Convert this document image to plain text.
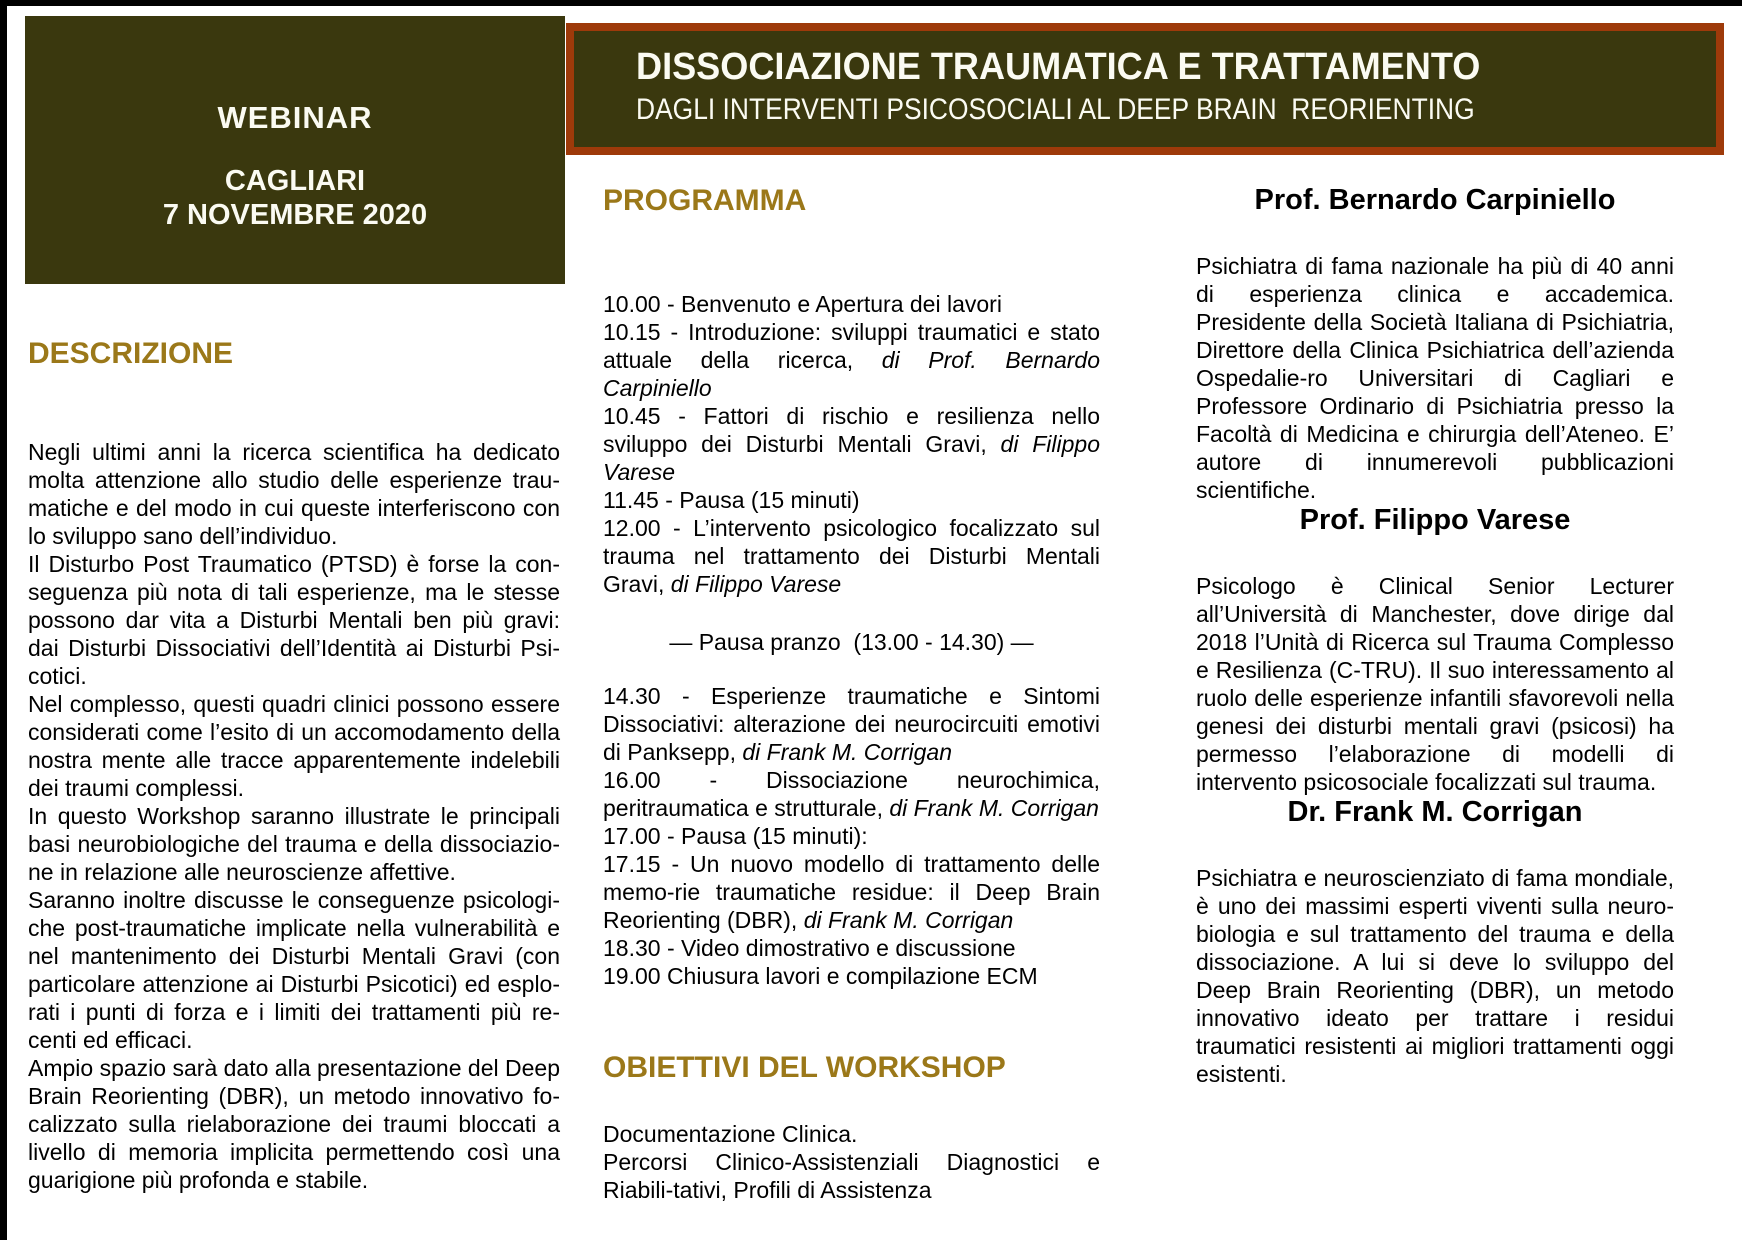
WEBINAR
CAGLIARI
7 NOVEMBRE 2020
DISSOCIAZIONE TRAUMATICA E TRATTAMENTO
DAGLI INTERVENTI PSICOSOCIALI AL DEEP BRAIN  REORIENTING
DESCRIZIONE

Negli ultimi anni la ricerca scientifica ha dedicato molta attenzione allo studio delle esperienze trau-matiche e del modo in cui queste interferiscono con lo sviluppo sano dell’individuo.

Il Disturbo Post Traumatico (PTSD) è forse la con-seguenza più nota di tali esperienze, ma le stesse possono dar vita a Disturbi Mentali ben più gravi: dai Disturbi Dissociativi dell’Identità ai Disturbi Psi-cotici.

Nel complesso, questi quadri clinici possono essere considerati come l’esito di un accomodamento della nostra mente alle tracce apparentemente indelebili dei traumi complessi.

In questo Workshop saranno illustrate le principali basi neurobiologiche del trauma e della dissociazio-ne in relazione alle neuroscienze affettive.

Saranno inoltre discusse le conseguenze psicologi-che post-traumatiche implicate nella vulnerabilità e nel mantenimento dei Disturbi Mentali Gravi (con particolare attenzione ai Disturbi Psicotici) ed esplo-rati i punti di forza e i limiti dei trattamenti più re-centi ed efficaci.

Ampio spazio sarà dato alla presentazione del Deep Brain Reorienting (DBR), un metodo innovativo fo-calizzato sulla rielaborazione dei traumi bloccati a livello di memoria implicita permettendo così una guarigione più profonda e stabile.

PROGRAMMA

10.00 - Benvenuto e Apertura dei lavori

10.15 - Introduzione: sviluppi traumatici e stato attuale della ricerca, di Prof. Bernardo Carpiniello

10.45 - Fattori di rischio e resilienza nello sviluppo dei Disturbi Mentali Gravi, di Filippo Varese

11.45 - Pausa (15 minuti)

12.00 - L’intervento psicologico focalizzato sul trauma nel trattamento dei Disturbi Mentali Gravi, di Filippo Varese

— Pausa pranzo  (13.00 - 14.30) —

14.30 - Esperienze traumatiche e Sintomi Dissociativi: alterazione dei neurocircuiti emotivi di Panksepp, di Frank M. Corrigan

16.00 - Dissociazione neurochimica, peritraumatica e strutturale, di Frank M. Corrigan

17.00 - Pausa (15 minuti):

17.15 - Un nuovo modello di trattamento delle memo-rie traumatiche residue: il Deep Brain Reorienting (DBR), di Frank M. Corrigan

18.30 - Video dimostrativo e discussione

19.00 Chiusura lavori e compilazione ECM

OBIETTIVI DEL WORKSHOP

Documentazione Clinica.

Percorsi Clinico-Assistenziali Diagnostici e Riabili-tativi, Profili di Assistenza

Prof. Bernardo Carpiniello

Psichiatra di fama nazionale ha più di 40 anni di esperienza clinica e accademica. Presidente della Società Italiana di Psichiatria, Direttore della Clinica Psichiatrica dell’azienda Ospedalie-ro Universitari di Cagliari e Professore Ordinario di Psichiatria presso la Facoltà di Medicina e chirurgia dell’Ateneo. E’ autore di innumerevoli pubblicazioni scientifiche.

Prof. Filippo Varese

Psicologo è Clinical Senior Lecturer all’Università di Manchester, dove dirige dal 2018 l’Unità di Ricerca sul Trauma Complesso e Resilienza (C-TRU). Il suo interessamento al ruolo delle esperienze infantili sfavorevoli nella genesi dei disturbi mentali gravi (psicosi) ha permesso l’elaborazione di modelli di intervento psicosociale focalizzati sul trauma.

Dr. Frank M. Corrigan

Psichiatra e neuroscienziato di fama mondiale, è uno dei massimi esperti viventi sulla neuro-biologia e sul trattamento del trauma e della dissociazione. A lui si deve lo sviluppo del Deep Brain Reorienting (DBR), un metodo innovativo ideato per trattare i residui traumatici resistenti ai migliori trattamenti oggi esistenti.
